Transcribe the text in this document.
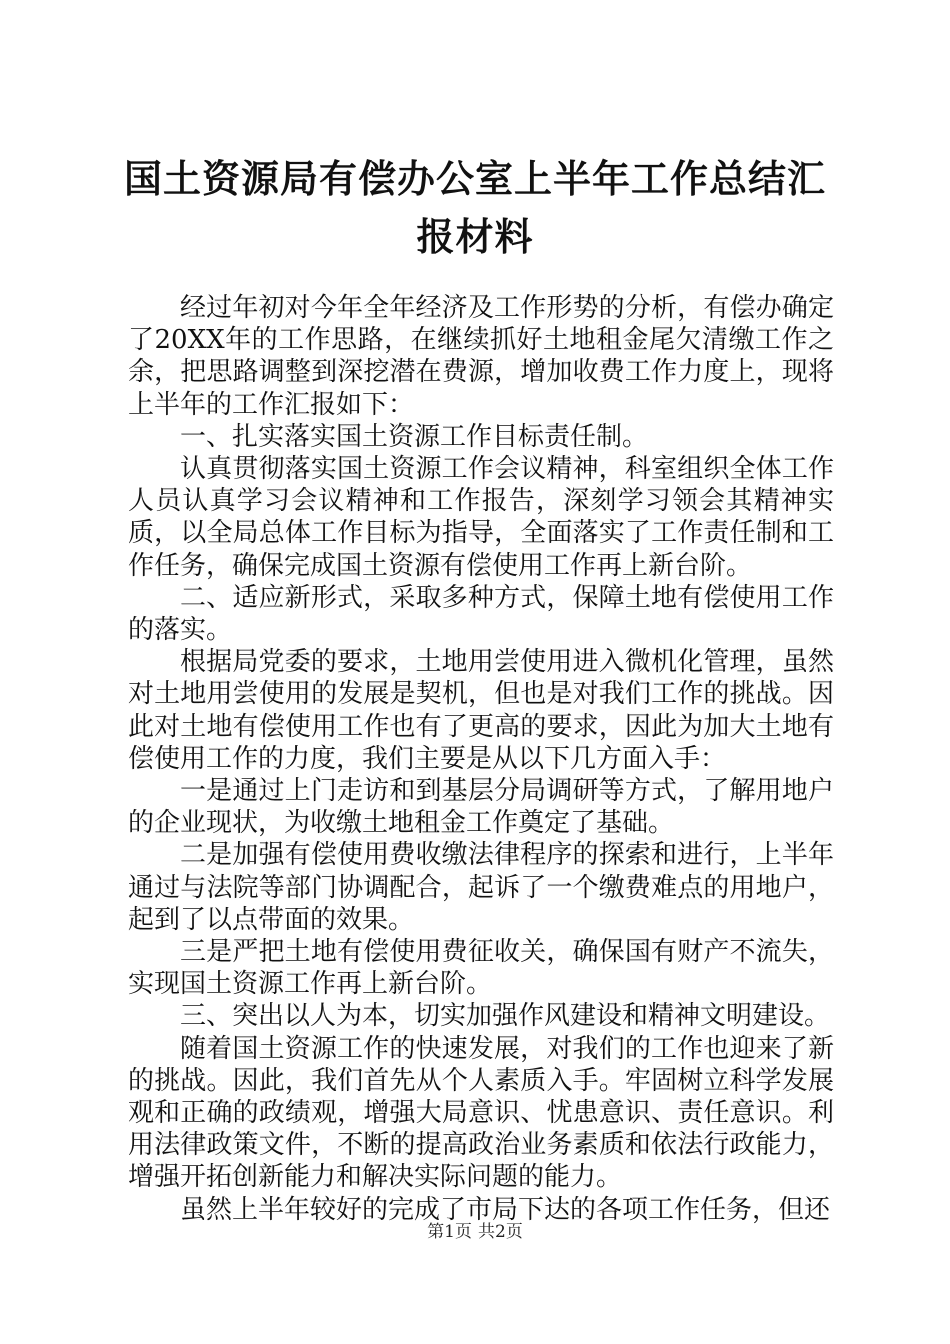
国土资源局有偿办公室上半年工作总结汇报材料

经过年初对今年全年经济及工作形势的分析，有偿办确定了20XX年的工作思路，在继续抓好土地租金尾欠清缴工作之余，把思路调整到深挖潜在费源，增加收费工作力度上，现将上半年的工作汇报如下：

一、扎实落实国土资源工作目标责任制。

认真贯彻落实国土资源工作会议精神，科室组织全体工作人员认真学习会议精神和工作报告，深刻学习领会其精神实质，以全局总体工作目标为指导，全面落实了工作责任制和工作任务，确保完成国土资源有偿使用工作再上新台阶。

二、适应新形式，采取多种方式，保障土地有偿使用工作的落实。

根据局党委的要求，土地用尝使用进入微机化管理，虽然对土地用尝使用的发展是契机，但也是对我们工作的挑战。因此对土地有偿使用工作也有了更高的要求，因此为加大土地有偿使用工作的力度，我们主要是从以下几方面入手：

一是通过上门走访和到基层分局调研等方式，了解用地户的企业现状，为收缴土地租金工作奠定了基础。

二是加强有偿使用费收缴法律程序的探索和进行，上半年通过与法院等部门协调配合，起诉了一个缴费难点的用地户，起到了以点带面的效果。

三是严把土地有偿使用费征收关，确保国有财产不流失，实现国土资源工作再上新台阶。

三、突出以人为本，切实加强作风建设和精神文明建设。

随着国土资源工作的快速发展，对我们的工作也迎来了新的挑战。因此，我们首先从个人素质入手。牢固树立科学发展观和正确的政绩观，增强大局意识、忧患意识、责任意识。利用法律政策文件，不断的提高政治业务素质和依法行政能力，增强开拓创新能力和解决实际问题的能力。

虽然上半年较好的完成了市局下达的各项工作任务，但还

第1页 共2页
